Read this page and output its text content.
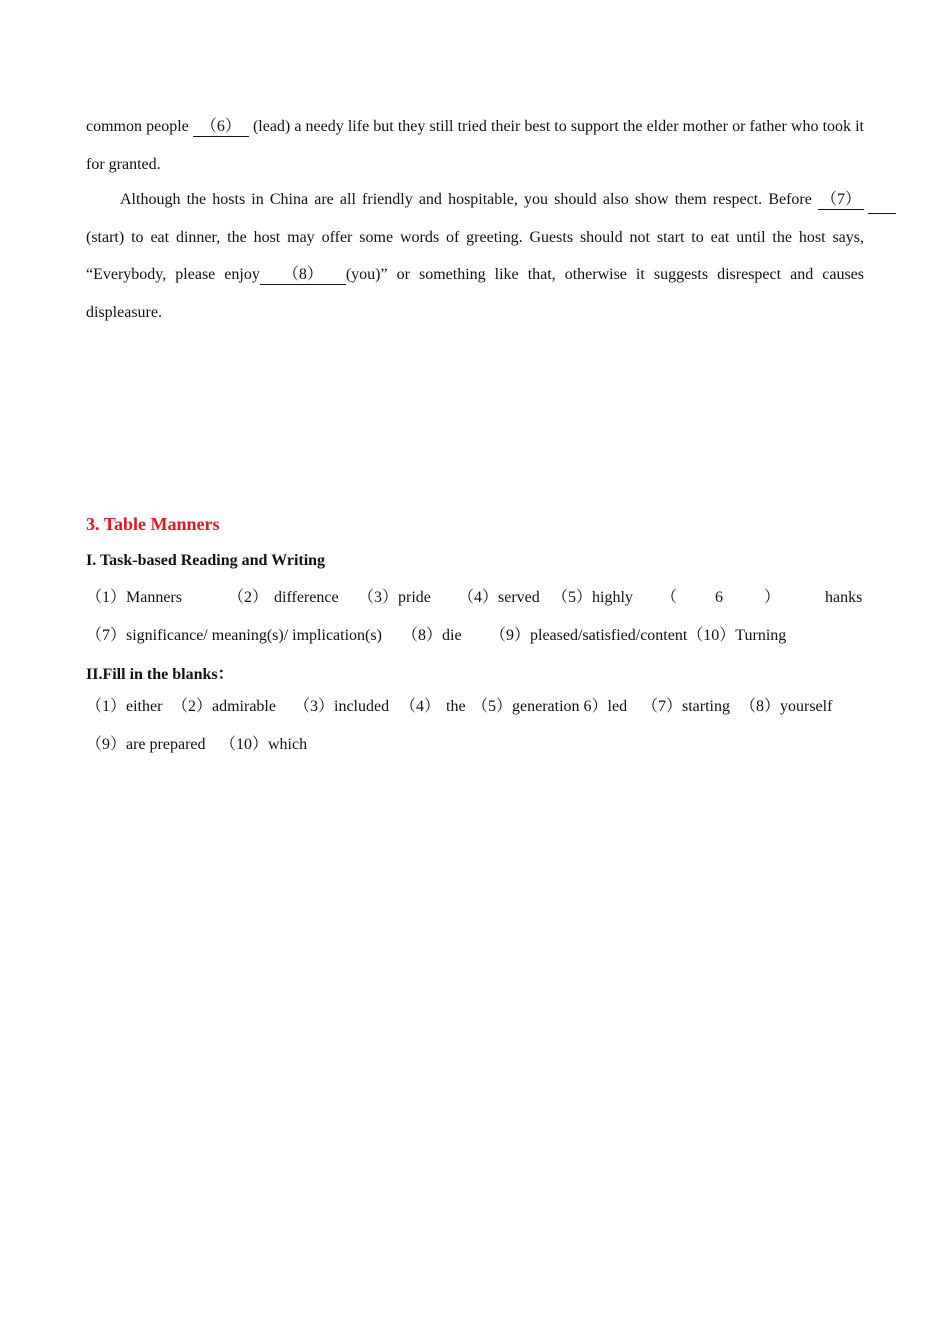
common people （6） (lead) a needy life but they still tried their best to support the elder mother or father who took it for granted.

Although the hosts in China are all friendly and hospitable, you should also show them respect. Before （7） (start) to eat dinner, the host may offer some words of greeting. Guests should not start to eat until the host says, “Everybody, please enjoy （8） (you)” or something like that, otherwise it suggests disrespect and causes displeasure.

3. Table Manners
I. Task-based Reading and Writing
（1）Manners	（2） difference （3）pride （4）served （5）highly （ 6	）	hanks
（7）significance/ meaning(s)/ implication(s) （8）die （9）pleased/satisfied/content（10）Turning
II.Fill in the blanks：
（1）either （2）admirable （3）included （4） the （5）generation 6）led （7）starting （8）yourself
（9）are prepared （10）which
